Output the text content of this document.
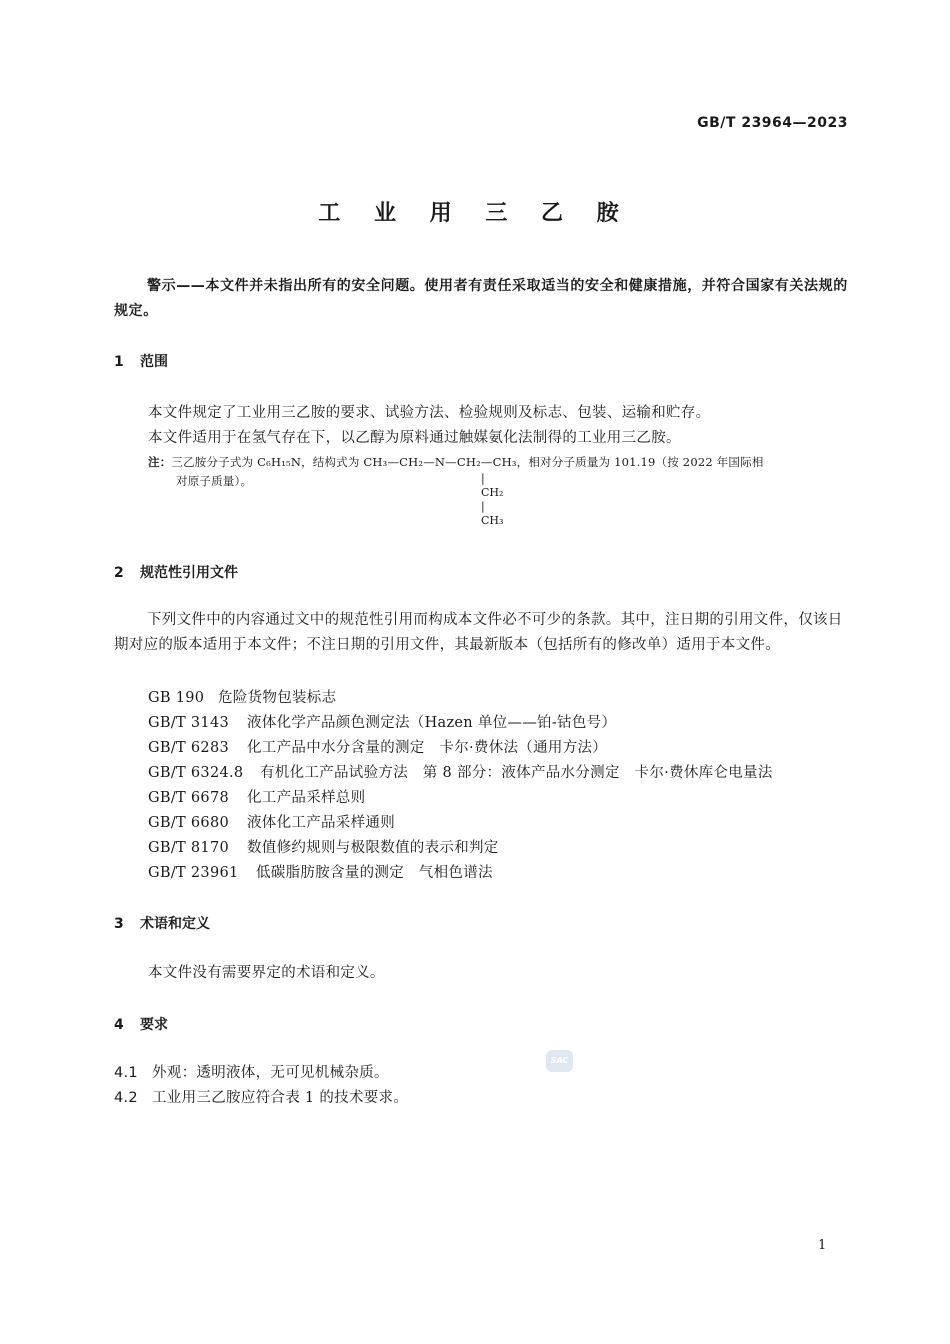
GB/T 23964—2023
工 业 用 三 乙 胺
警示——本文件并未指出所有的安全问题。使用者有责任采取适当的安全和健康措施，并符合国家有关法规的规定。
1 范围
本文件规定了工业用三乙胺的要求、试验方法、检验规则及标志、包装、运输和贮存。
本文件适用于在氢气存在下，以乙醇为原料通过触媒氨化法制得的工业用三乙胺。
注：三乙胺分子式为 C₆H₁₅N，结构式为 CH₃—CH₂—N—CH₂—CH₃，相对分子质量为 101.19（按 2022 年国际相
对原子质量）。	|
CH₂
|
CH₃
2 规范性引用文件
下列文件中的内容通过文中的规范性引用而构成本文件必不可少的条款。其中，注日期的引用文件，仅该日期对应的版本适用于本文件；不注日期的引用文件，其最新版本（包括所有的修改单）适用于本文件。
GB 190 危险货物包装标志
GB/T 3143 液体化学产品颜色测定法（Hazen 单位——铂-钴色号）
GB/T 6283 化工产品中水分含量的测定　卡尔·费休法（通用方法）
GB/T 6324.8 有机化工产品试验方法　第 8 部分：液体产品水分测定　卡尔·费休库仑电量法
GB/T 6678 化工产品采样总则
GB/T 6680 液体化工产品采样通则
GB/T 8170 数值修约规则与极限数值的表示和判定
GB/T 23961 低碳脂肪胺含量的测定　气相色谱法
3 术语和定义
本文件没有需要界定的术语和定义。
4 要求
4.1 外观：透明液体，无可见机械杂质。
4.2 工业用三乙胺应符合表 1 的技术要求。
SAC
1
